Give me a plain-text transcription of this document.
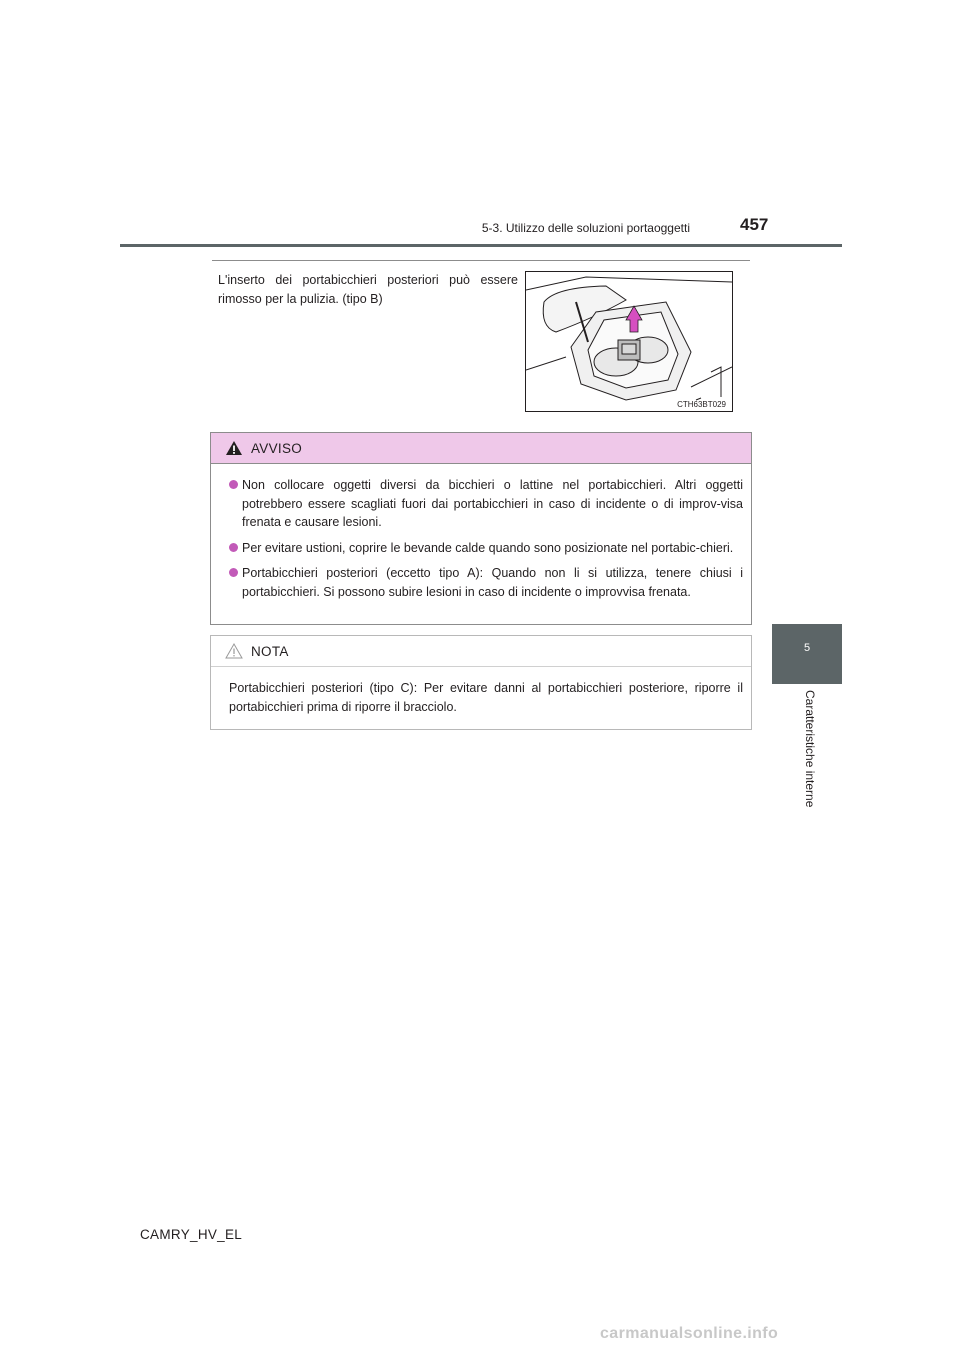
5-3. Utilizzo delle soluzioni portaoggetti	457
5
Caratteristiche interne
L'inserto dei portabicchieri posteriori può essere rimosso per la pulizia. (tipo B)
CTH63BT029
AVVISO
Non collocare oggetti diversi da bicchieri o lattine nel portabicchieri. Altri oggetti potrebbero essere scagliati fuori dai portabicchieri in caso di incidente o di improv-visa frenata e causare lesioni.
Per evitare ustioni, coprire le bevande calde quando sono posizionate nel portabic-chieri.
Portabicchieri posteriori (eccetto tipo A): Quando non li si utilizza, tenere chiusi i portabicchieri. Si possono subire lesioni in caso di incidente o improvvisa frenata.
NOTA
Portabicchieri posteriori (tipo C): Per evitare danni al portabicchieri posteriore, riporre il portabicchieri prima di riporre il bracciolo.
CAMRY_HV_EL
carmanualsonline.info
